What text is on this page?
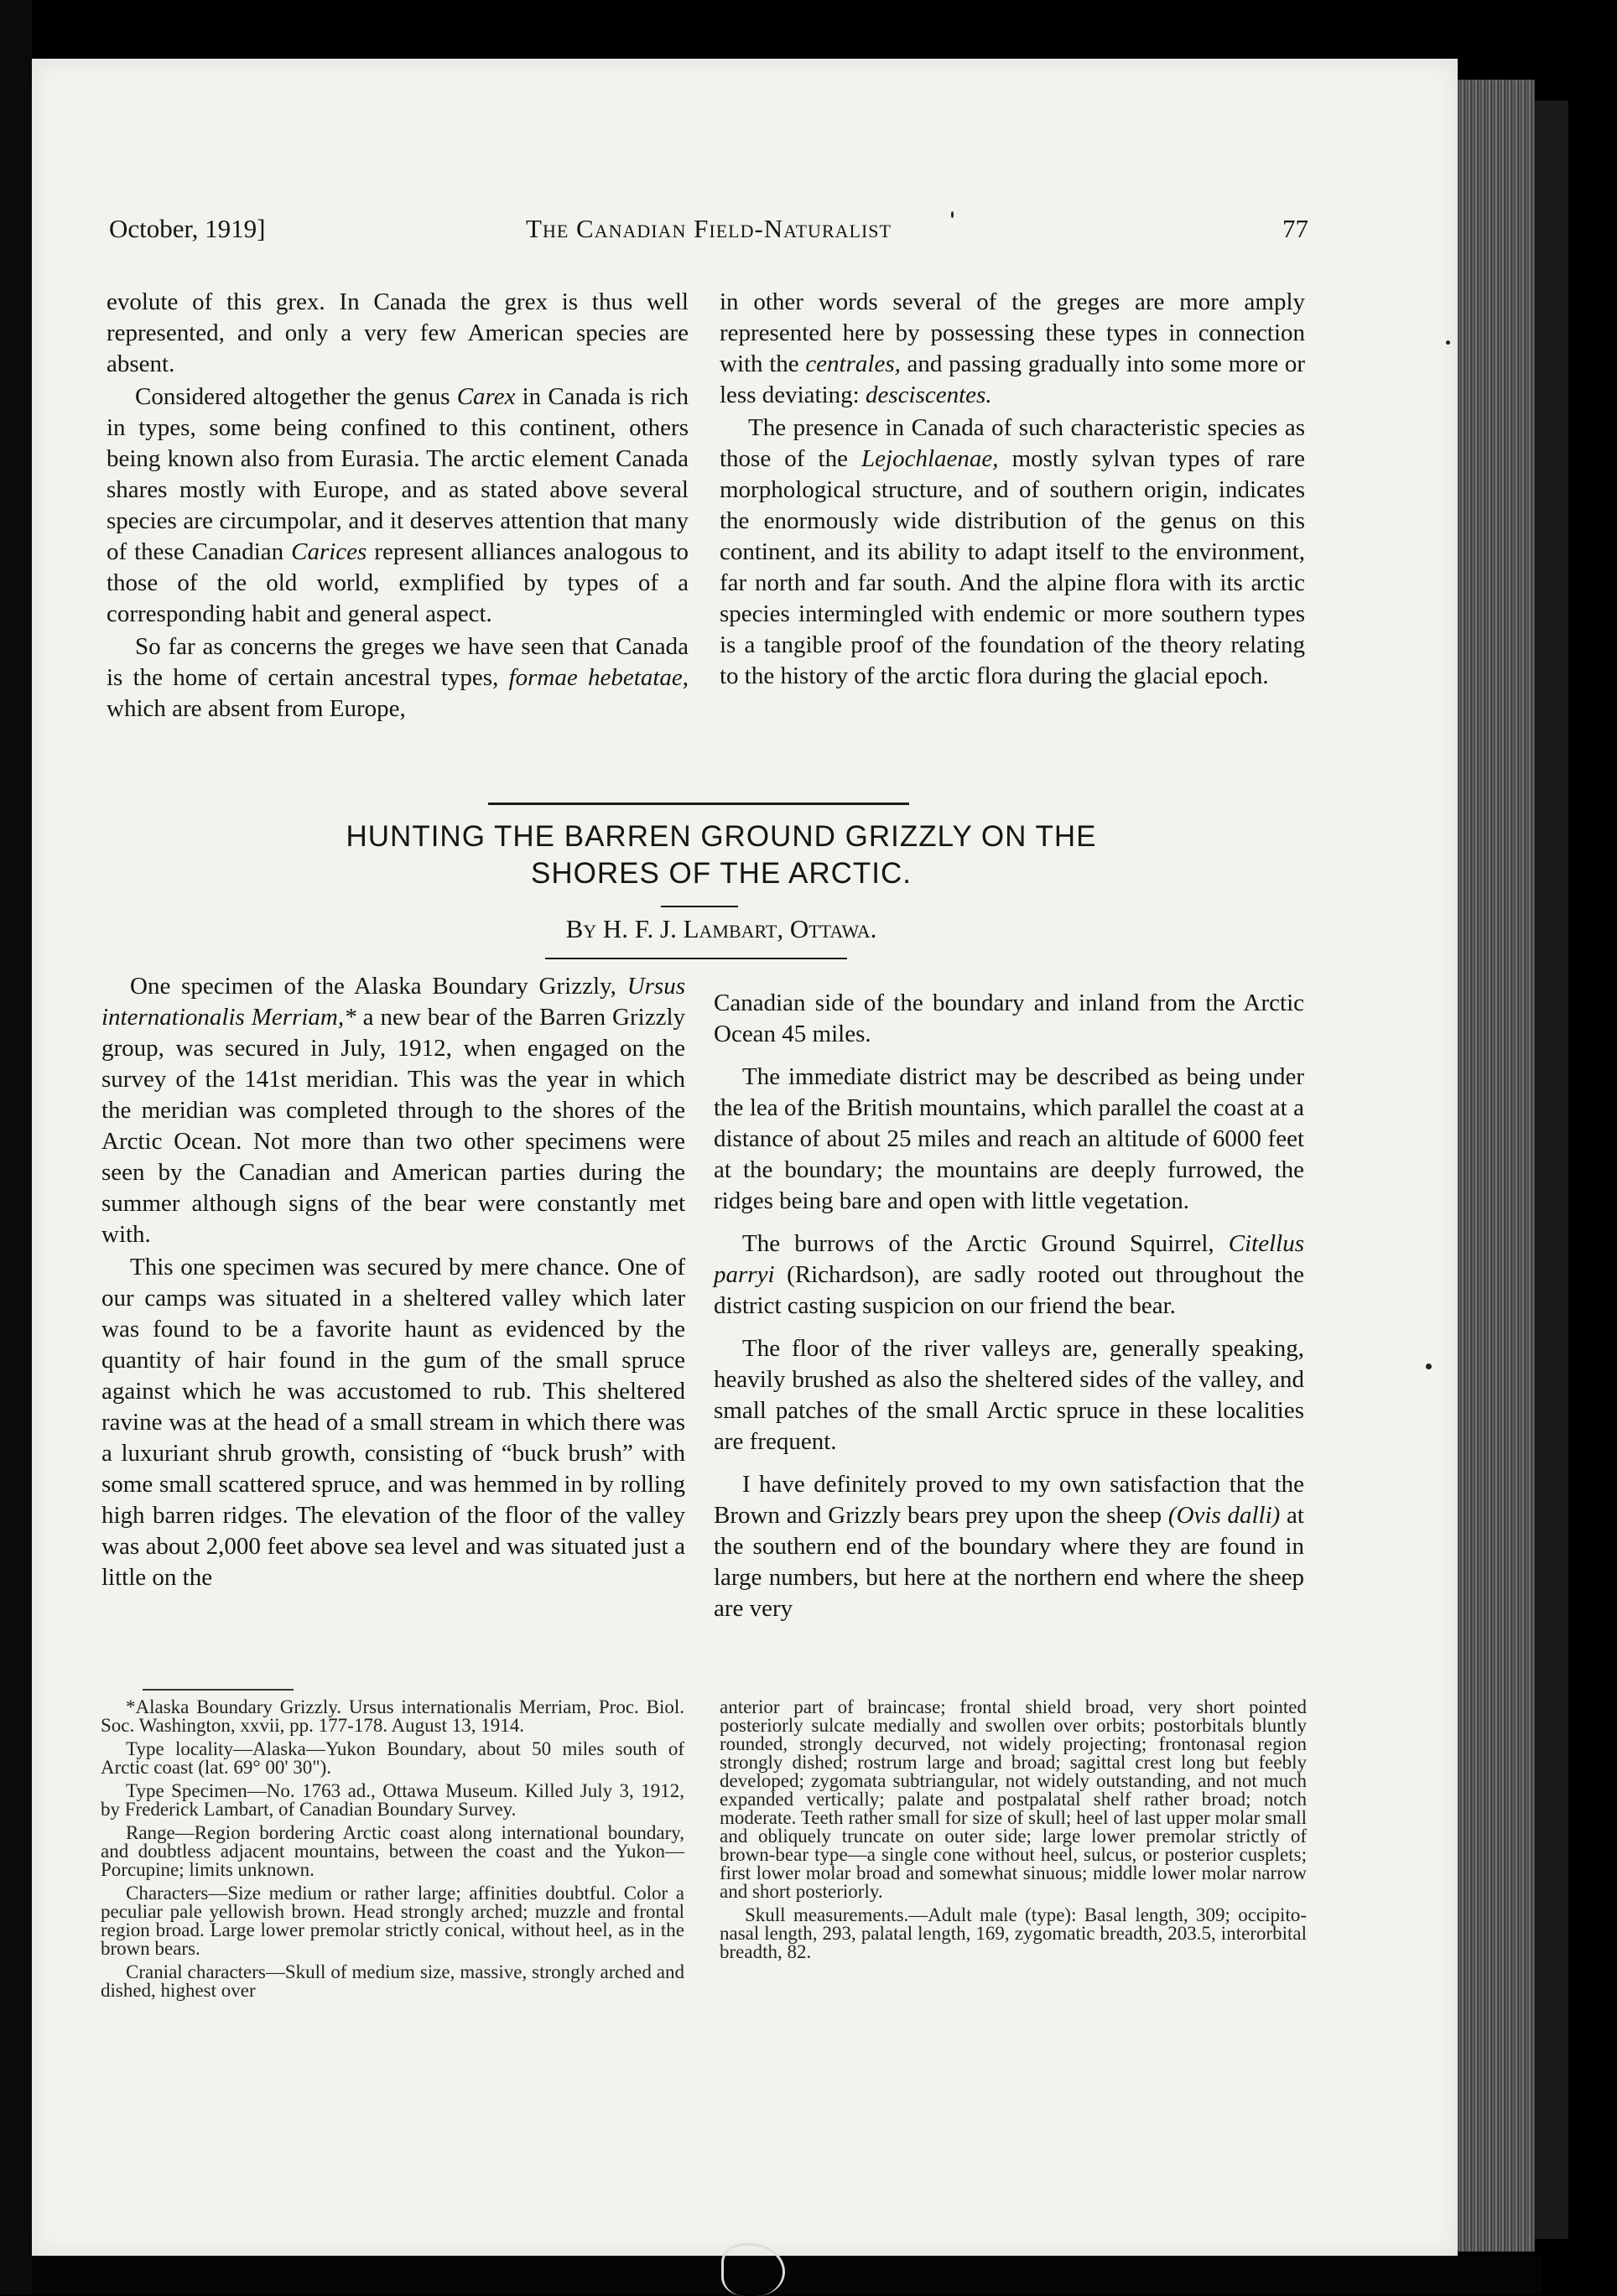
October, 1919]	The Canadian Field-Naturalist	77

evolute of this grex. In Canada the grex is thus well represented, and only a very few American species are absent.

Considered altogether the genus Carex in Canada is rich in types, some being confined to this continent, others being known also from Eurasia. The arctic element Canada shares mostly with Europe, and as stated above several species are circumpolar, and it deserves attention that many of these Canadian Carices represent alliances analogous to those of the old world, exmplified by types of a corresponding habit and general aspect.

So far as concerns the greges we have seen that Canada is the home of certain ancestral types, formae hebetatae, which are absent from Europe,

in other words several of the greges are more amply represented here by possessing these types in connection with the centrales, and passing gradually into some more or less deviating: desciscentes.

The presence in Canada of such characteristic species as those of the Lejochlaenae, mostly sylvan types of rare morphological structure, and of southern origin, indicates the enormously wide distribution of the genus on this continent, and its ability to adapt itself to the environment, far north and far south. And the alpine flora with its arctic species intermingled with endemic or more southern types is a tangible proof of the foundation of the theory relating to the history of the arctic flora during the glacial epoch.

HUNTING THE BARREN GROUND GRIZZLY ON THE
SHORES OF THE ARCTIC.
By H. F. J. Lambart, Ottawa.

One specimen of the Alaska Boundary Grizzly, Ursus internationalis Merriam,* a new bear of the Barren Grizzly group, was secured in July, 1912, when engaged on the survey of the 141st meridian. This was the year in which the meridian was completed through to the shores of the Arctic Ocean. Not more than two other specimens were seen by the Canadian and American parties during the summer although signs of the bear were constantly met with.

This one specimen was secured by mere chance. One of our camps was situated in a sheltered valley which later was found to be a favorite haunt as evidenced by the quantity of hair found in the gum of the small spruce against which he was accustomed to rub. This sheltered ravine was at the head of a small stream in which there was a luxuriant shrub growth, consisting of “buck brush” with some small scattered spruce, and was hemmed in by rolling high barren ridges. The elevation of the floor of the valley was about 2,000 feet above sea level and was situated just a little on the

Canadian side of the boundary and inland from the Arctic Ocean 45 miles.

The immediate district may be described as being under the lea of the British mountains, which parallel the coast at a distance of about 25 miles and reach an altitude of 6000 feet at the boundary; the mountains are deeply furrowed, the ridges being bare and open with little vegetation.

The burrows of the Arctic Ground Squirrel, Citellus parryi (Richardson), are sadly rooted out throughout the district casting suspicion on our friend the bear.

The floor of the river valleys are, generally speaking, heavily brushed as also the sheltered sides of the valley, and small patches of the small Arctic spruce in these localities are frequent.

I have definitely proved to my own satisfaction that the Brown and Grizzly bears prey upon the sheep (Ovis dalli) at the southern end of the boundary where they are found in large numbers, but here at the northern end where the sheep are very

*Alaska Boundary Grizzly. Ursus internationalis Merriam, Proc. Biol. Soc. Washington, xxvii, pp. 177-178. August 13, 1914.

Type locality—Alaska—Yukon Boundary, about 50 miles south of Arctic coast (lat. 69° 00' 30").

Type Specimen—No. 1763 ad., Ottawa Museum. Killed July 3, 1912, by Frederick Lambart, of Canadian Boundary Survey.

Range—Region bordering Arctic coast along international boundary, and doubtless adjacent mountains, between the coast and the Yukon—Porcupine; limits unknown.

Characters—Size medium or rather large; affinities doubtful. Color a peculiar pale yellowish brown. Head strongly arched; muzzle and frontal region broad. Large lower premolar strictly conical, without heel, as in the brown bears.

Cranial characters—Skull of medium size, massive, strongly arched and dished, highest over

anterior part of braincase; frontal shield broad, very short pointed posteriorly sulcate medially and swollen over orbits; postorbitals bluntly rounded, strongly decurved, not widely projecting; frontonasal region strongly dished; rostrum large and broad; sagittal crest long but feebly developed; zygomata subtriangular, not widely outstanding, and not much expanded vertically; palate and postpalatal shelf rather broad; notch moderate. Teeth rather small for size of skull; heel of last upper molar small and obliquely truncate on outer side; large lower premolar strictly of brown-bear type—a single cone without heel, sulcus, or posterior cusplets; first lower molar broad and somewhat sinuous; middle lower molar narrow and short posteriorly.

Skull measurements.—Adult male (type): Basal length, 309; occipito-nasal length, 293, palatal length, 169, zygomatic breadth, 203.5, interorbital breadth, 82.
